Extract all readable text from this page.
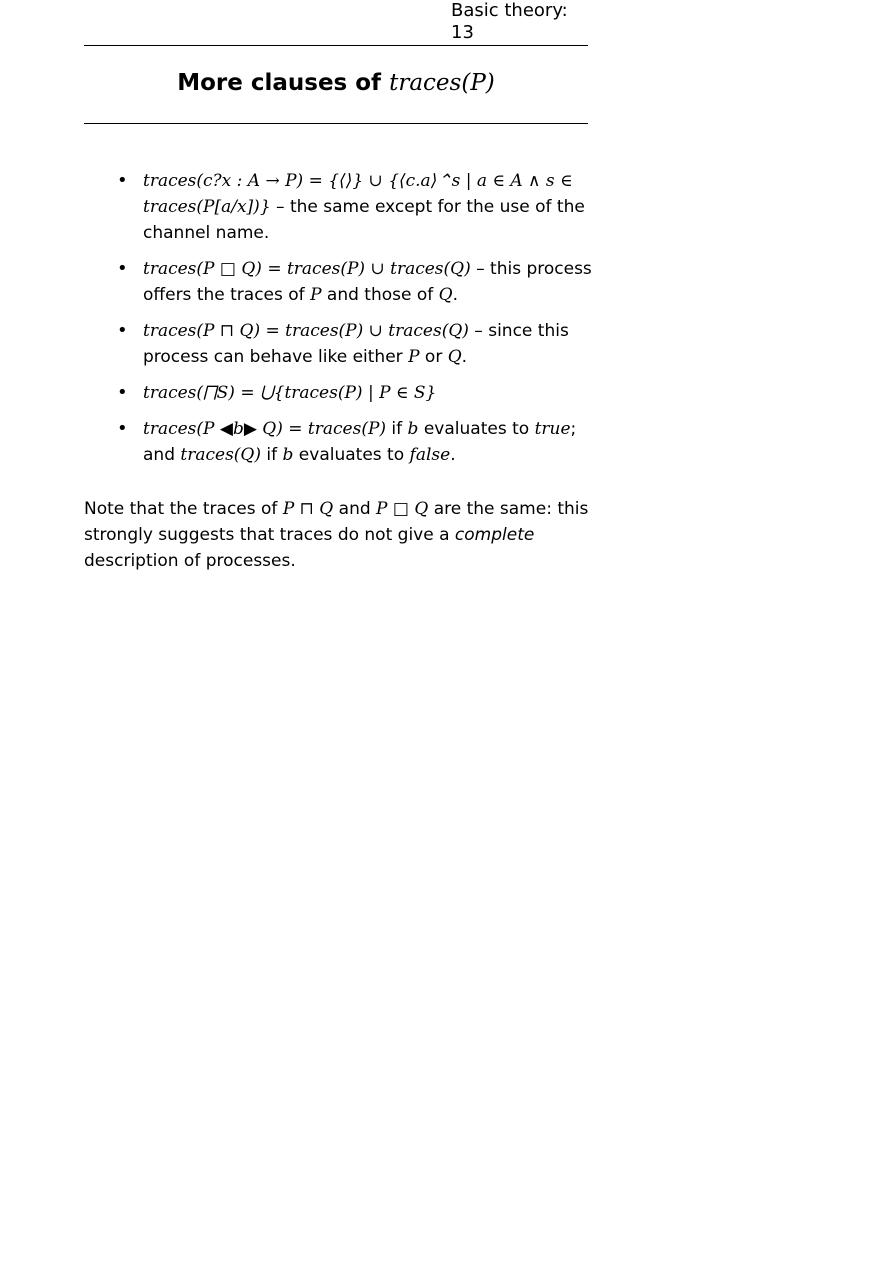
Basic theory: 13
More clauses of traces(P)
• traces(c?x : A → P) = {⟨⟩} ∪ {⟨c.a⟩⌃s | a ∈ A ∧ s ∈ traces(P[a/x])} – the same except for the use of the channel name.
• traces(P □ Q) = traces(P) ∪ traces(Q) – this process offers the traces of P and those of Q.
• traces(P ⊓ Q) = traces(P) ∪ traces(Q) – since this process can behave like either P or Q.
• traces(⨅S) = ⋃{traces(P) | P ∈ S}
• traces(P ◀b▶ Q) = traces(P) if b evaluates to true; and traces(Q) if b evaluates to false.
Note that the traces of P ⊓ Q and P □ Q are the same: this strongly suggests that traces do not give a complete description of processes.
